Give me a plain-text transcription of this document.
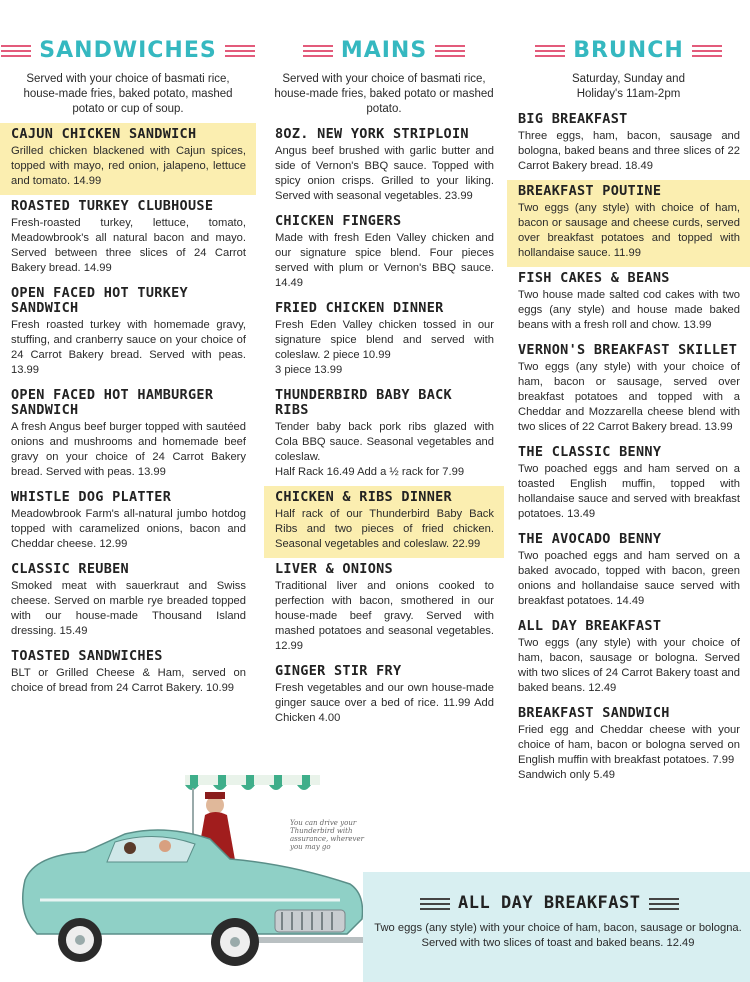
SANDWICHES
Served with your choice of basmati rice, house-made fries, baked potato, mashed potato or cup of soup.
CAJUN CHICKEN SANDWICH
Grilled chicken blackened with Cajun spices, topped with mayo, red onion, jalapeno, lettuce and tomato. 14.99
ROASTED TURKEY CLUBHOUSE
Fresh-roasted turkey, lettuce, tomato, Meadowbrook's all natural bacon and mayo. Served between three slices of 24 Carrot Bakery bread. 14.99
OPEN FACED HOT TURKEY SANDWICH
Fresh roasted turkey with homemade gravy, stuffing, and cranberry sauce on your choice of 24 Carrot Bakery bread. Served with peas. 13.99
OPEN FACED HOT HAMBURGER SANDWICH
A fresh Angus beef burger topped with sautéed onions and mushrooms and homemade beef gravy on your choice of 24 Carrot Bakery bread. Served with peas. 13.99
WHISTLE DOG PLATTER
Meadowbrook Farm's all-natural jumbo hotdog topped with caramelized onions, bacon and Cheddar cheese. 12.99
CLASSIC REUBEN
Smoked meat with sauerkraut and Swiss cheese. Served on marble rye breaded topped with our house-made Thousand Island dressing. 15.49
TOASTED SANDWICHES
BLT or Grilled Cheese & Ham, served on choice of bread from 24 Carrot Bakery. 10.99
MAINS
Served with your choice of basmati rice, house-made fries, baked potato or mashed potato.
8OZ. NEW YORK STRIPLOIN
Angus beef brushed with garlic butter and side of Vernon's BBQ sauce. Topped with spicy onion crisps. Grilled to your liking. Served with seasonal vegetables. 23.99
CHICKEN FINGERS
Made with fresh Eden Valley chicken and our signature spice blend. Four pieces served with plum or Vernon's BBQ sauce. 14.49
FRIED CHICKEN DINNER
Fresh Eden Valley chicken tossed in our signature spice blend and served with coleslaw. 2 piece 10.99
3 piece 13.99
THUNDERBIRD BABY BACK RIBS
Tender baby back pork ribs glazed with Cola BBQ sauce. Seasonal vegetables and coleslaw.
Half Rack 16.49 Add a ½ rack for 7.99
CHICKEN & RIBS DINNER
Half rack of our Thunderbird Baby Back Ribs and two pieces of fried chicken. Seasonal vegetables and coleslaw. 22.99
LIVER & ONIONS
Traditional liver and onions cooked to perfection with bacon, smothered in our house-made beef gravy. Served with mashed potatoes and seasonal vegetables. 12.99
GINGER STIR FRY
Fresh vegetables and our own house-made ginger sauce over a bed of rice. 11.99 Add Chicken 4.00
BRUNCH
Saturday, Sunday and Holiday's 11am-2pm
BIG BREAKFAST
Three eggs, ham, bacon, sausage and bologna, baked beans and three slices of 22 Carrot Bakery bread. 18.49
BREAKFAST POUTINE
Two eggs (any style) with choice of ham, bacon or sausage and cheese curds, served over breakfast potatoes and topped with hollandaise sauce. 11.99
FISH CAKES & BEANS
Two house made salted cod cakes with two eggs (any style) and house made baked beans with a fresh roll and chow. 13.99
VERNON'S BREAKFAST SKILLET
Two eggs (any style) with your choice of ham, bacon or sausage, served over breakfast potatoes and topped with a Cheddar and Mozzarella cheese blend with two slices of 22 Carrot Bakery bread. 13.99
THE CLASSIC BENNY
Two poached eggs and ham served on a toasted English muffin, topped with hollandaise sauce and served with breakfast potatoes. 13.49
THE AVOCADO BENNY
Two poached eggs and ham served on a baked avocado, topped with bacon, green onions and hollandaise sauce served with breakfast potatoes. 14.49
ALL DAY BREAKFAST
Two eggs (any style) with your choice of ham, bacon, sausage or bologna. Served with two slices of 24 Carrot Bakery toast and baked beans. 12.49
BREAKFAST SANDWICH
Fried egg and Cheddar cheese with your choice of ham, bacon or bologna served on English muffin with breakfast potatoes. 7.99
Sandwich only 5.49
You can drive your
Thunderbird with
assurance, wherever
you may go
ALL DAY BREAKFAST
Two eggs (any style) with your choice of ham, bacon, sausage or bologna. Served with two slices of toast and baked beans. 12.49
